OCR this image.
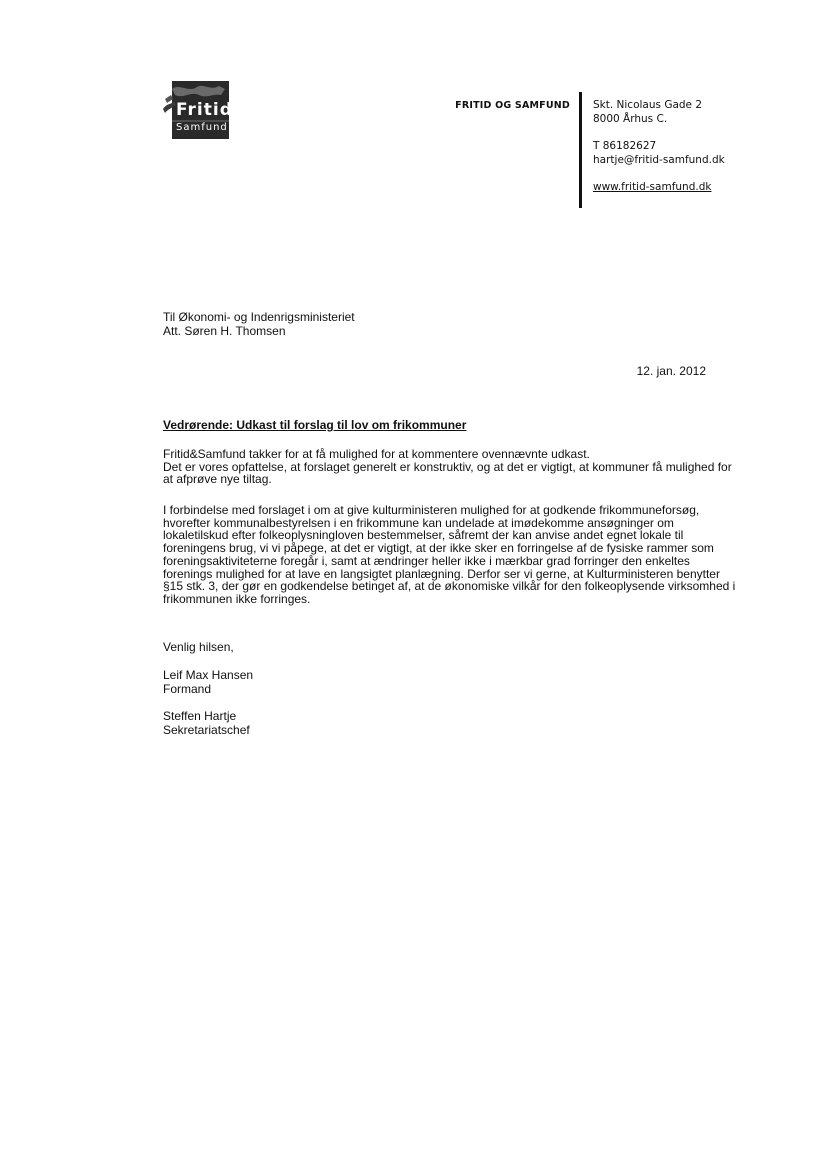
Fritid
Samfund
FRITID OG SAMFUND Skt. Nicolaus Gade 2
8000 Århus C.
T 86182627
hartje@fritid-samfund.dk
www.fritid-samfund.dk
Til Økonomi- og Indenrigsministeriet
Att. Søren H. Thomsen
12. jan. 2012
Vedrørende: Udkast til forslag til lov om frikommuner
Fritid&Samfund takker for at få mulighed for at kommentere ovennævnte udkast.
Det er vores opfattelse, at forslaget generelt er konstruktiv, og at det er vigtigt, at kommuner få mulighed for
at afprøve nye tiltag.
I forbindelse med forslaget i om at give kulturministeren mulighed for at godkende frikommuneforsøg,
hvorefter kommunalbestyrelsen i en frikommune kan undelade at imødekomme ansøgninger om
lokaletilskud efter folkeoplysningloven bestemmelser, såfremt der kan anvise andet egnet lokale til
foreningens brug, vi vi påpege, at det er vigtigt, at der ikke sker en forringelse af de fysiske rammer som
foreningsaktiviteterne foregår i, samt at ændringer heller ikke i mærkbar grad forringer den enkeltes
forenings mulighed for at lave en langsigtet planlægning. Derfor ser vi gerne, at Kulturministeren benytter
§15 stk. 3, der gør en godkendelse betinget af, at de økonomiske vilkår for den folkeoplysende virksomhed i
frikommunen ikke forringes.
Venlig hilsen,
Leif Max Hansen
Formand
Steffen Hartje
Sekretariatschef
